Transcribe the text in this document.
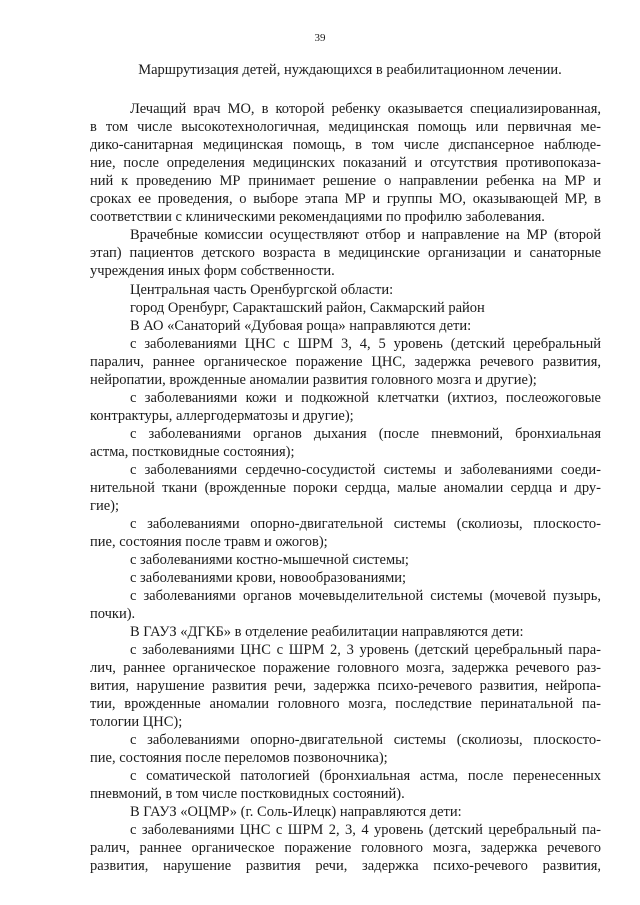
39
Маршрутизация детей, нуждающихся в реабилитационном лечении.
Лечащий врач МО, в которой ребенку оказывается специализированная,
в том числе высокотехнологичная, медицинская помощь или первичная ме-
дико-санитарная медицинская помощь, в том числе диспансерное наблюде-
ние, после определения медицинских показаний и отсутствия противопоказа-
ний к проведению МР принимает решение о направлении ребенка на МР и
сроках ее проведения, о выборе этапа МР и группы МО, оказывающей МР, в
соответствии с клиническими рекомендациями по профилю заболевания.
Врачебные комиссии осуществляют отбор и направление на МР (второй
этап) пациентов детского возраста в медицинские организации и санаторные
учреждения иных форм собственности.
Центральная часть Оренбургской области:
город Оренбург, Саракташский район, Сакмарский район
В АО «Санаторий «Дубовая роща» направляются дети:
с заболеваниями ЦНС с ШРМ 3, 4, 5 уровень (детский церебральный
паралич, раннее органическое поражение ЦНС, задержка речевого развития,
нейропатии, врожденные аномалии развития головного мозга и другие);
с заболеваниями кожи и подкожной клетчатки (ихтиоз, послеожоговые
контрактуры, аллергодерматозы и другие);
с заболеваниями органов дыхания (после пневмоний, бронхиальная
астма, постковидные состояния);
с заболеваниями сердечно-сосудистой системы и заболеваниями соеди-
нительной ткани (врожденные пороки сердца, малые аномалии сердца и дру-
гие);
с заболеваниями опорно-двигательной системы (сколиозы, плоскосто-
пие, состояния после травм и ожогов);
с заболеваниями костно-мышечной системы;
с заболеваниями крови, новообразованиями;
с заболеваниями органов мочевыделительной системы (мочевой пузырь,
почки).
В ГАУЗ «ДГКБ» в отделение реабилитации направляются дети:
с заболеваниями ЦНС с ШРМ 2, 3 уровень (детский церебральный пара-
лич, раннее органическое поражение головного мозга, задержка речевого раз-
вития, нарушение развития речи, задержка психо-речевого развития, нейропа-
тии, врожденные аномалии головного мозга, последствие перинатальной па-
тологии ЦНС);
с заболеваниями опорно-двигательной системы (сколиозы, плоскосто-
пие, состояния после переломов позвоночника);
с соматической патологией (бронхиальная астма, после перенесенных
пневмоний, в том числе постковидных состояний).
В ГАУЗ «ОЦМР» (г. Соль-Илецк) направляются дети:
с заболеваниями ЦНС с ШРМ 2, 3, 4 уровень (детский церебральный па-
ралич, раннее органическое поражение головного мозга, задержка речевого
развития, нарушение развития речи, задержка психо-речевого развития,
